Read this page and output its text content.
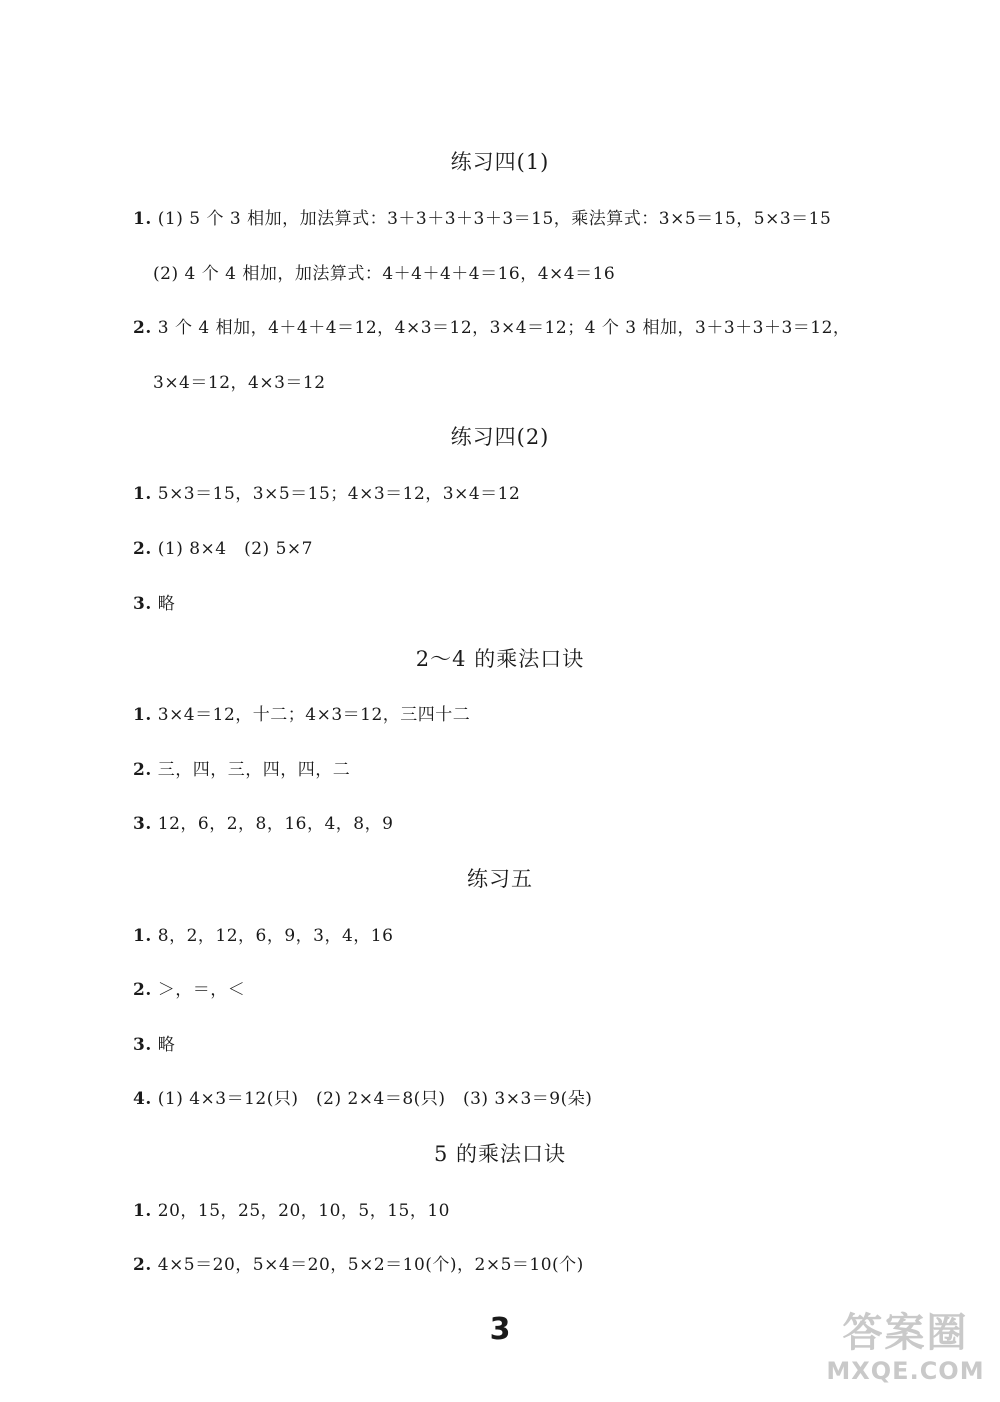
练习四(1)
1. (1) 5 个 3 相加，加法算式：3＋3＋3＋3＋3＝15，乘法算式：3×5＝15，5×3＝15
(2) 4 个 4 相加，加法算式：4＋4＋4＋4＝16，4×4＝16
2. 3 个 4 相加，4＋4＋4＝12，4×3＝12，3×4＝12；4 个 3 相加，3＋3＋3＋3＝12，
3×4＝12，4×3＝12
练习四(2)
1. 5×3＝15，3×5＝15；4×3＝12，3×4＝12
2. (1) 8×4　(2) 5×7
3. 略
2～4 的乘法口诀
1. 3×4＝12，十二；4×3＝12，三四十二
2. 三，四，三，四，四，二
3. 12，6，2，8，16，4，8，9
练习五
1. 8，2，12，6，9，3，4，16
2. ＞，＝，＜
3. 略
4. (1) 4×3＝12(只)　(2) 2×4＝8(只)　(3) 3×3＝9(朵)
5 的乘法口诀
1. 20，15，25，20，10，5，15，10
2. 4×5＝20，5×4＝20，5×2＝10(个)，2×5＝10(个)
3	答案圈
MXQE.COM
